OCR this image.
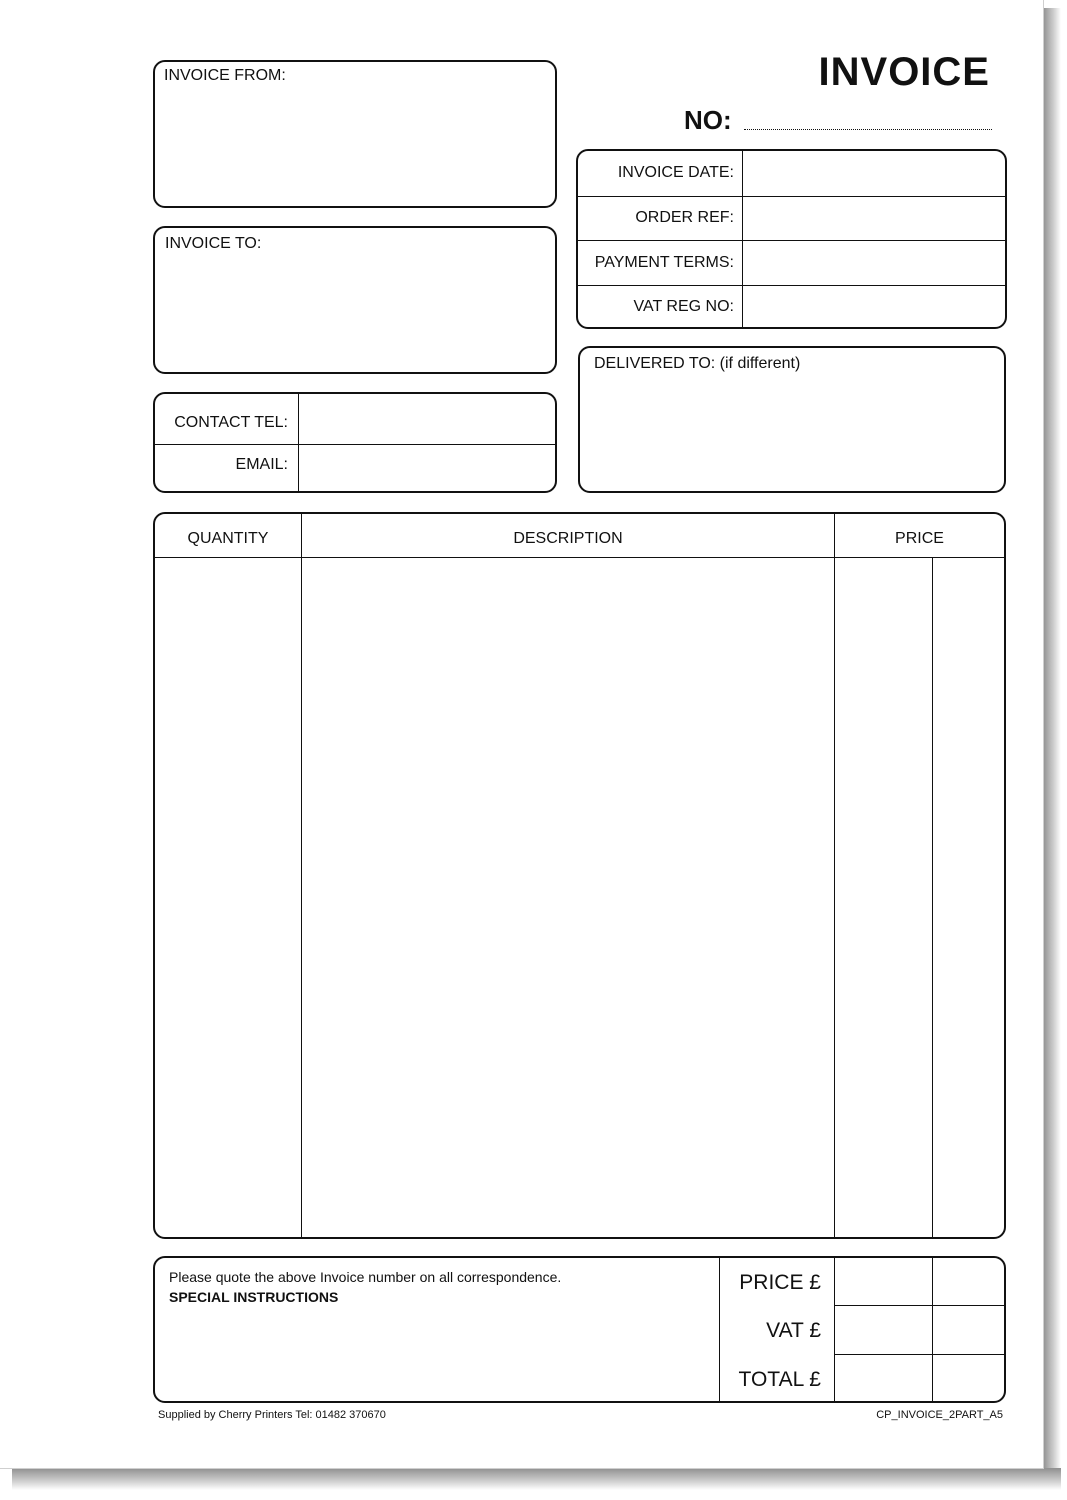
INVOICE
NO:
INVOICE FROM:
INVOICE TO:
CONTACT TEL:
EMAIL:
INVOICE DATE:
ORDER REF:
PAYMENT TERMS:
VAT REG NO:
DELIVERED TO: (if different)
QUANTITY	DESCRIPTION	PRICE
Please quote the above Invoice number on all correspondence.
SPECIAL INSTRUCTIONS
PRICE £
VAT £
TOTAL £
Supplied by Cherry Printers Tel: 01482 370670	CP_INVOICE_2PART_A5
